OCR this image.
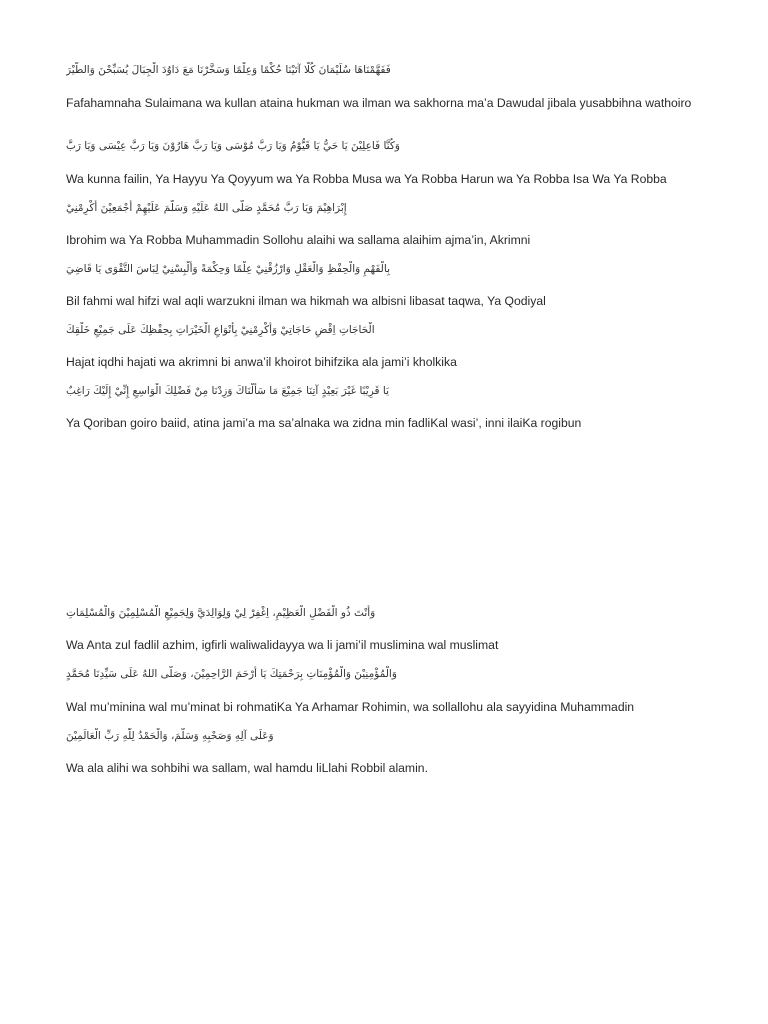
فَفَهَّمْنَاهَا سُلَيْمَانَ كُلًّا آتَيْنَا حُكْمًا وَعِلْمًا وَسَخَّرْنَا مَعَ دَاوُدَ الْجِبَالَ يُسَبِّحْنَ وَالطَّيْرَ
Fafahamnaha Sulaimana wa kullan ataina hukman wa ilman wa sakhorna ma’a Dawudal jibala yusabbihna wathoiro
وَكُنَّا فَاعِلِيْنَ يَا حَيُّ يَا قَيُّوْمُ وَيَا رَبَّ مُوْسَى وَيَا رَبَّ هَارُوْنَ وَيَا رَبَّ عِيْسَى وَيَا رَبَّ
Wa kunna failin, Ya Hayyu Ya Qoyyum wa Ya Robba Musa wa Ya Robba Harun wa Ya Robba Isa Wa Ya Robba
إِبْرَاهِيْمَ وَيَا رَبَّ مُحَمَّدٍ صَلَّى اللهُ عَلَيْهِ وَسَلَّمَ عَلَيْهِمْ أَجْمَعِيْنَ أَكْرِمْنِيْ
Ibrohim wa Ya Robba Muhammadin Sollohu alaihi wa sallama alaihim ajma’in, Akrimni
بِالْفَهْمِ وَالْحِفْظِ وَالْعَقْلِ وَارْزُقْنِيْ عِلْمًا وَحِكْمَةً وَأَلْبِسْنِيْ لِبَاسَ التَّقْوَى يَا قَاضِيَ
Bil fahmi wal hifzi wal aqli warzukni ilman wa hikmah wa albisni libasat taqwa, Ya Qodiyal
الْحَاجَاتِ اِقْضِ حَاجَاتِيْ وَأَكْرِمْنِيْ بِأَنْوَاعِ الْخَيْرَاتِ بِحِفْظِكَ عَلَى جَمِيْعِ خَلْقِكَ
Hajat iqdhi hajati wa akrimni bi anwa’il khoirot bihifzika ala jami’i kholkika
يَا قَرِيْبًا غَيْرَ بَعِيْدٍ آتِنَا جَمِيْعَ مَا سَأَلْنَاكَ وَزِدْنَا مِنْ فَضْلِكَ الْوَاسِعِ إِنِّيْ إِلَيْكَ رَاغِبٌ
Ya Qoriban goiro baiid, atina jami’a ma sa’alnaka wa zidna min fadliKal wasi’, inni ilaiKa rogibun
وَأَنْتَ ذُو الْفَضْلِ الْعَظِيْمِ، اِغْفِرْ لِيْ وَلِوَالِدَيَّ وَلِجَمِيْعِ الْمُسْلِمِيْنَ وَالْمُسْلِمَاتِ
Wa Anta zul fadlil azhim, igfirli waliwalidayya wa li jami’il muslimina wal muslimat
وَالْمُؤْمِنِيْنَ وَالْمُؤْمِنَاتِ بِرَحْمَتِكَ يَا أَرْحَمَ الرَّاحِمِيْنَ، وَصَلَّى اللهُ عَلَى سَيِّدِنَا مُحَمَّدٍ
Wal mu’minina wal mu’minat bi rohmatiKa Ya Arhamar Rohimin, wa sollallohu ala sayyidina Muhammadin
وَعَلَى آلِهِ وَصَحْبِهِ وَسَلَّمَ، وَالْحَمْدُ لِلّٰهِ رَبِّ الْعَالَمِيْنَ
Wa ala alihi wa sohbihi wa sallam, wal hamdu liLlahi Robbil alamin.
